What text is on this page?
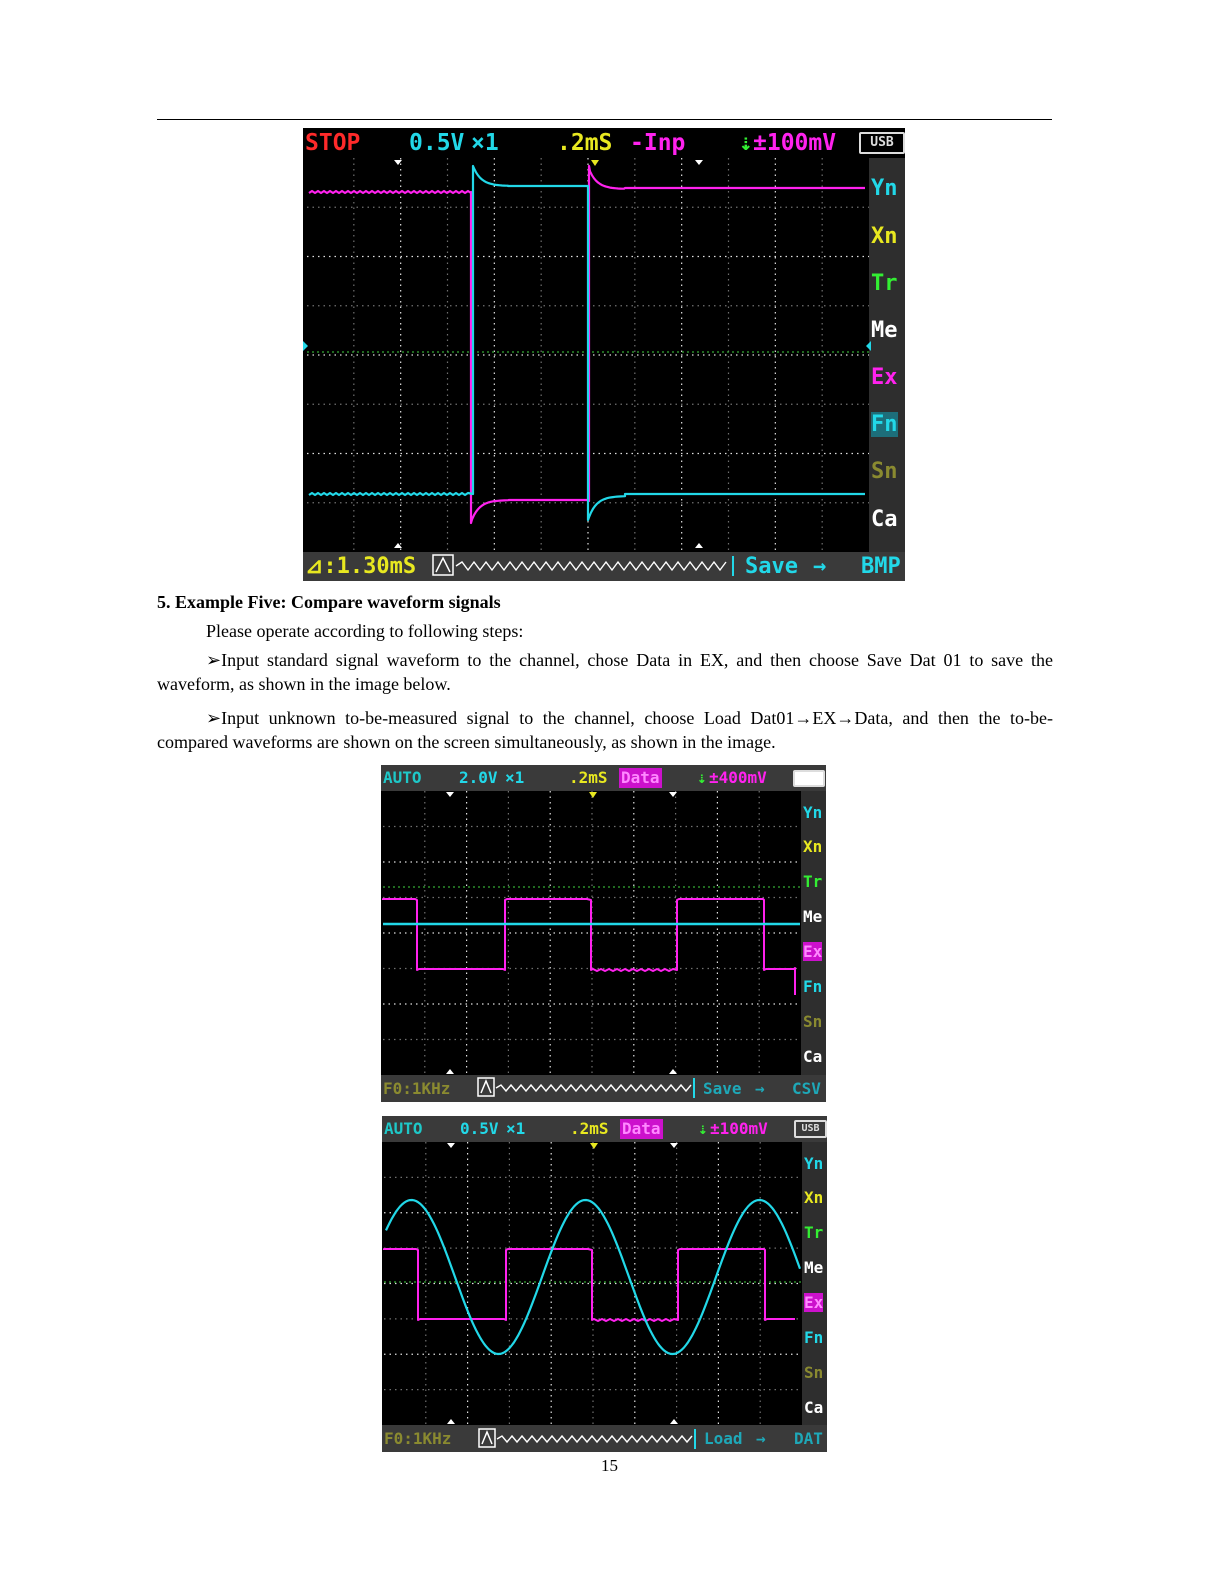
STOP 0.5V ×1	.2mS -Inp ⇣ ±100mV	USB
Yn
Xn
Tr
Me
Ex
Fn
Sn
Ca
⊿:1.30mS	Save → BMP
5. Example Five: Compare waveform signals
Please operate according to following steps:
➢Input standard signal waveform to the channel, chose Data in EX, and then choose Save Dat 01 to save the waveform, as shown in the image below.
➢Input unknown to-be-measured signal to the channel, choose Load Dat01→EX→Data, and then the to-be-compared waveforms are shown on the screen simultaneously, as shown in the image.
AUTO 2.0V ×1	.2mS Data ⇣ ±400mV
Yn
Xn
Tr
Me
Ex
Fn
Sn
Ca
F0:1KHz	Save → CSV
AUTO 0.5V ×1	.2mS Data ⇣ ±100mV	USB
Yn
Xn
Tr
Me
Ex
Fn
Sn
Ca
F0:1KHz	Load → DAT
15
